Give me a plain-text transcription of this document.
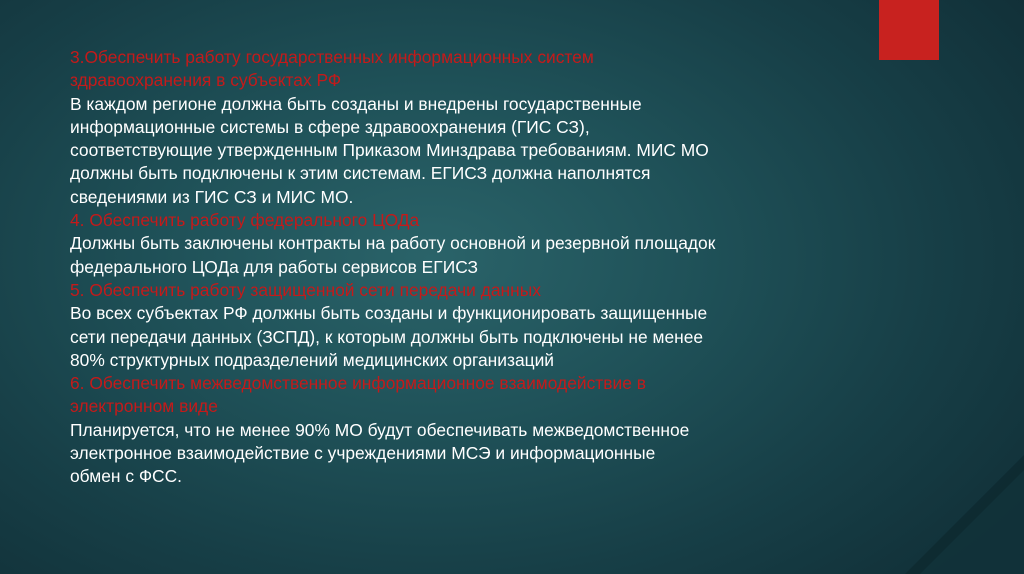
3.Обеспечить работу государственных информационных систем
здравоохранения в субъектах РФ
В каждом регионе должна быть созданы и внедрены государственные
информационные системы в сфере здравоохранения (ГИС СЗ),
соответствующие утвержденным Приказом Минздрава требованиям. МИС МО
должны быть подключены к этим системам. ЕГИСЗ должна наполнятся
сведениями из ГИС СЗ и МИС МО.
4. Обеспечить работу федерального ЦОДа
Должны быть заключены контракты на работу основной и резервной площадок
федерального ЦОДа для работы сервисов ЕГИСЗ
5. Обеспечить работу защищенной сети передачи данных
Во всех субъектах РФ должны быть созданы и функционировать защищенные
сети передачи данных (ЗСПД), к которым должны быть подключены не менее
80% структурных подразделений медицинских организаций
6. Обеспечить межведомственное информационное взаимодействие в
электронном виде
Планируется, что не менее 90% МО будут обеспечивать межведомственное
электронное взаимодействие с учреждениями МСЭ и информационные
обмен с ФСС.
